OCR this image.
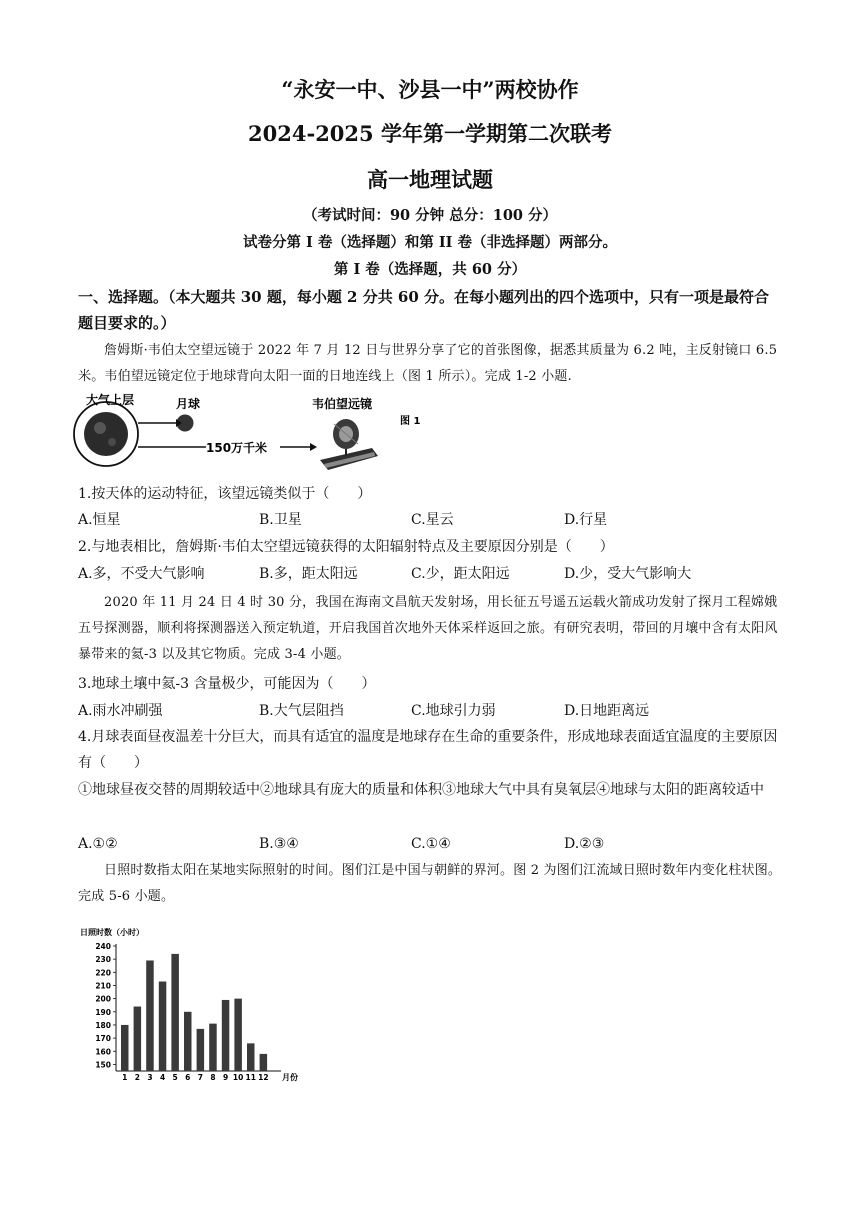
“永安一中、沙县一中”两校协作
2024-2025 学年第一学期第二次联考
高一地理试题
（考试时间：90 分钟 总分：100 分）
试卷分第 I 卷（选择题）和第 II 卷（非选择题）两部分。
第 I 卷（选择题，共 60 分）
一、选择题。（本大题共 30 题，每小题 2 分共 60 分。在每小题列出的四个选项中，只有一项是最符合题目要求的。）
詹姆斯·韦伯太空望远镜于 2022 年 7 月 12 日与世界分享了它的首张图像，据悉其质量为 6.2 吨，主反射镜口 6.5 米。韦伯望远镜定位于地球背向太阳一面的日地连线上（图 1 所示）。完成 1-2 小题.
大气上层	月球
150万千米
韦伯望远镜
图 1
1.按天体的运动特征，该望远镜类似于（　　）
A.恒星	B.卫星	C.星云	D.行星
2.与地表相比，詹姆斯·韦伯太空望远镜获得的太阳辐射特点及主要原因分别是（　　）
A.多，不受大气影响	B.多，距太阳远	C.少，距太阳远	D.少，受大气影响大
2020 年 11 月 24 日 4 时 30 分，我国在海南文昌航天发射场，用长征五号遥五运载火箭成功发射了探月工程嫦娥五号探测器，顺利将探测器送入预定轨道，开启我国首次地外天体采样返回之旅。有研究表明，带回的月壤中含有太阳风暴带来的氦-3 以及其它物质。完成 3-4 小题。
3.地球土壤中氦-3 含量极少，可能因为（　　）
A.雨水冲刷强	B.大气层阻挡	C.地球引力弱	D.日地距离远
4.月球表面昼夜温差十分巨大，而具有适宜的温度是地球存在生命的重要条件，形成地球表面适宜温度的主要原因有（　　）
①地球昼夜交替的周期较适中②地球具有庞大的质量和体积③地球大气中具有臭氧层④地球与太阳的距离较适中
A.①②	B.③④	C.①④	D.②③
日照时数指太阳在某地实际照射的时间。图们江是中国与朝鲜的界河。图 2 为图们江流域日照时数年内变化柱状图。完成 5-6 小题。
日照时数（小时）
150
160
170
180
190
200
210
220
230
240
1 2 3 4 5 6 7 8 9 10 11 12 月份
